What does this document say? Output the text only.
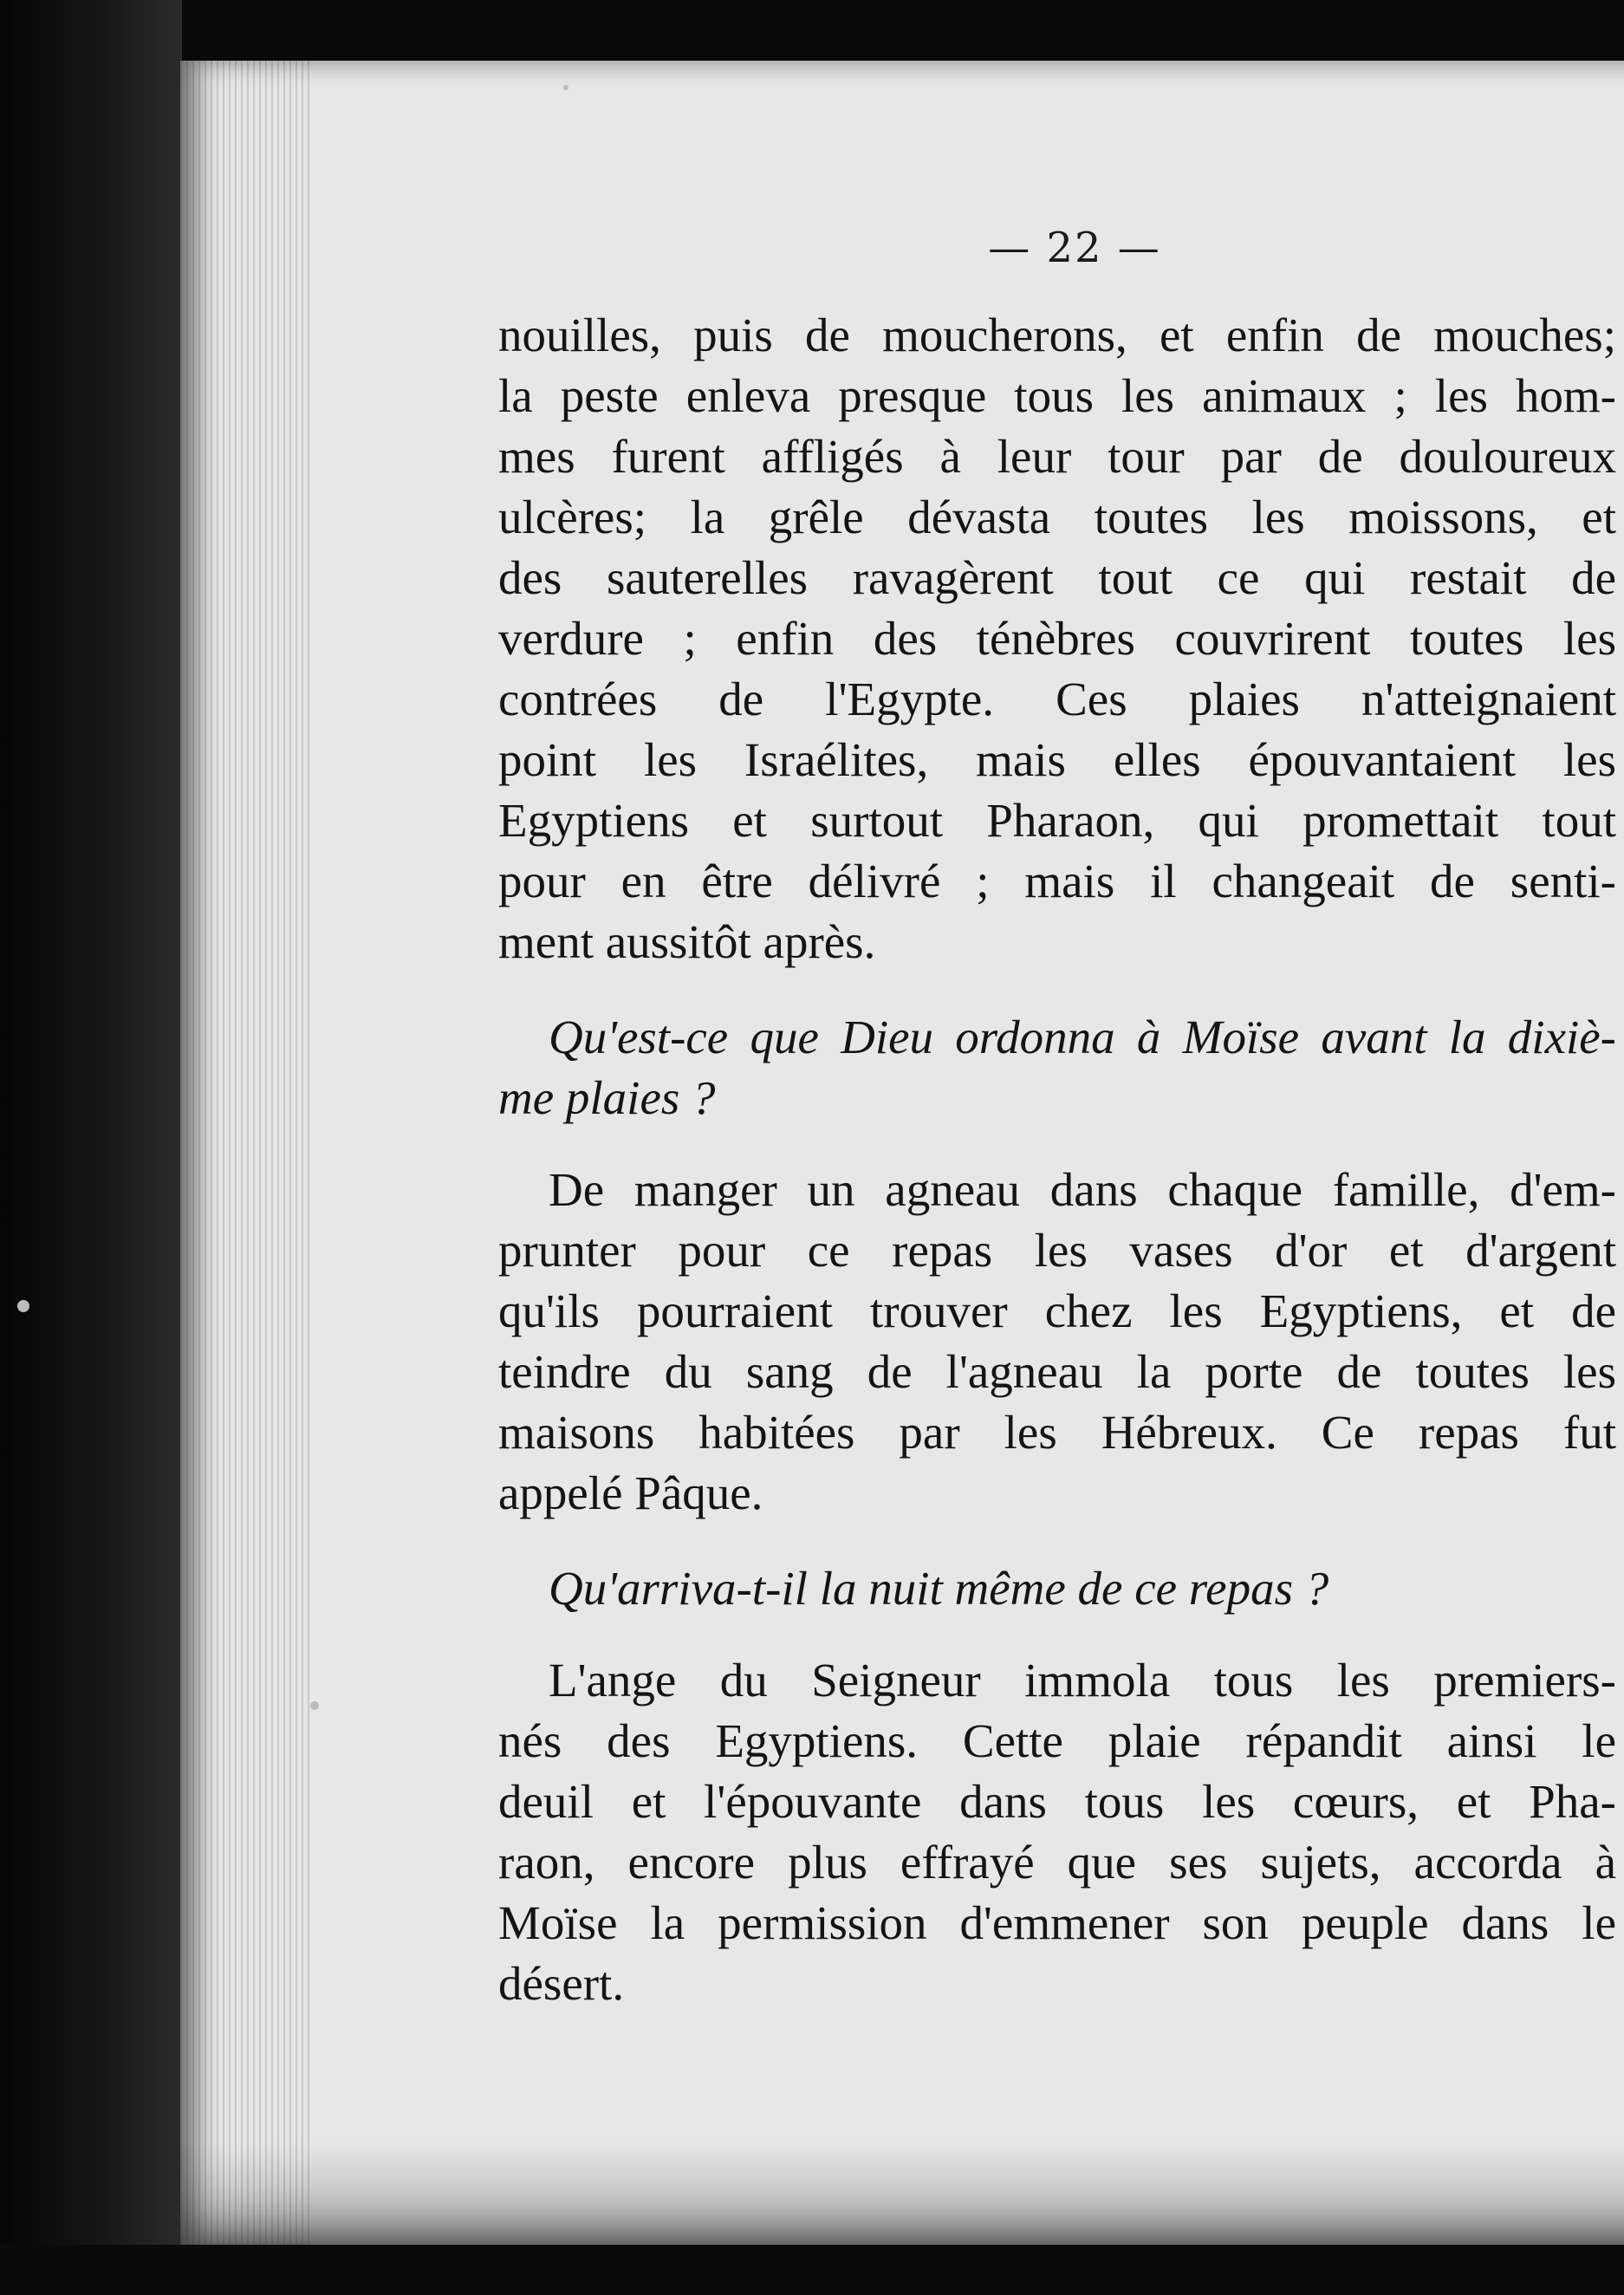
— 22 —
nouilles, puis de moucherons, et enfin de mouches;
la peste enleva presque tous les animaux ; les hom-
mes furent affligés à leur tour par de douloureux
ulcères; la grêle dévasta toutes les moissons, et
des sauterelles ravagèrent tout ce qui restait de
verdure ; enfin des ténèbres couvrirent toutes les
contrées de l'Egypte. Ces plaies n'atteignaient
point les Israélites, mais elles épouvantaient les
Egyptiens et surtout Pharaon, qui promettait tout
pour en être délivré ; mais il changeait de senti-
ment aussitôt après.
Qu'est-ce que Dieu ordonna à Moïse avant la dixiè-
me plaies ?
De manger un agneau dans chaque famille, d'em-
prunter pour ce repas les vases d'or et d'argent
qu'ils pourraient trouver chez les Egyptiens, et de
teindre du sang de l'agneau la porte de toutes les
maisons habitées par les Hébreux. Ce repas fut
appelé Pâque.
Qu'arriva-t-il la nuit même de ce repas ?
L'ange du Seigneur immola tous les premiers-
nés des Egyptiens. Cette plaie répandit ainsi le
deuil et l'épouvante dans tous les cœurs, et Pha-
raon, encore plus effrayé que ses sujets, accorda à
Moïse la permission d'emmener son peuple dans le
désert.
